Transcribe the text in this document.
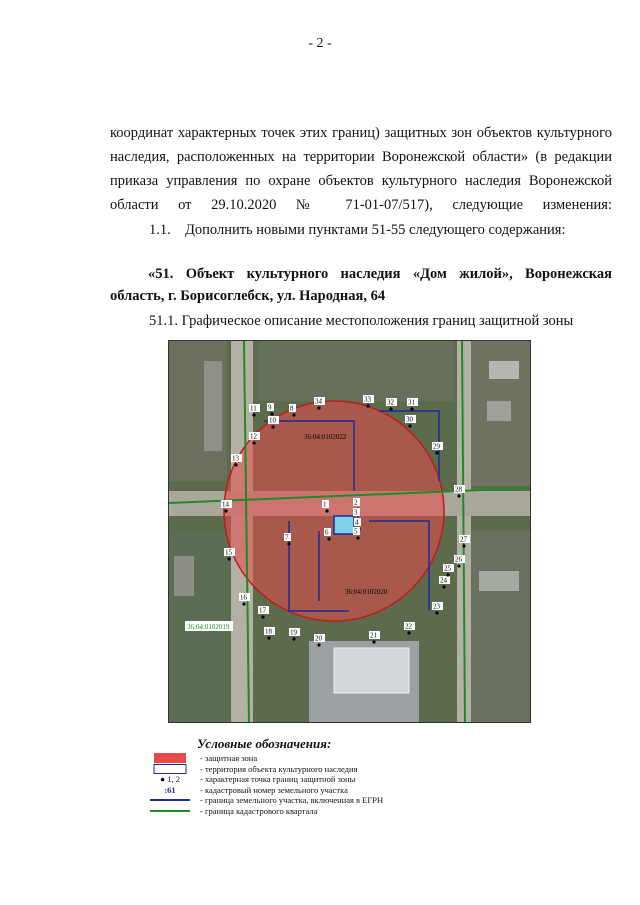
- 2 -
координат характерных точек этих границ) защитных зон объектов культурного наследия, расположенных на территории Воронежской области» (в редакции приказа управления по охране объектов культурного наследия Воронежской области от 29.10.2020 № 71-01-07/517), следующие изменения:
1.1. Дополнить новыми пунктами 51-55 следующего содержания:
«51. Объект культурного наследия «Дом жилой», Воронежская область, г. Борисоглебск, ул. Народная, 64
51.1. Графическое описание местоположения границ защитной зоны
1	2
3
4
5
6
7
8
9
10
11
12
13
14
15
16
17
18	19
20	21
22
23
24
25
26
27
28
29
30
31
32
33
34
36:04:0102022
36:04:0102020
36:04:0102019
Условные обозначения:
- защитная зона
- территория объекта культурного наследия
● 1, 2	- характерная точка границ защитной зоны
:61	- кадастровый номер земельного участка
- граница земельного участка, включенная в ЕГРН
- граница кадастрового квартала
